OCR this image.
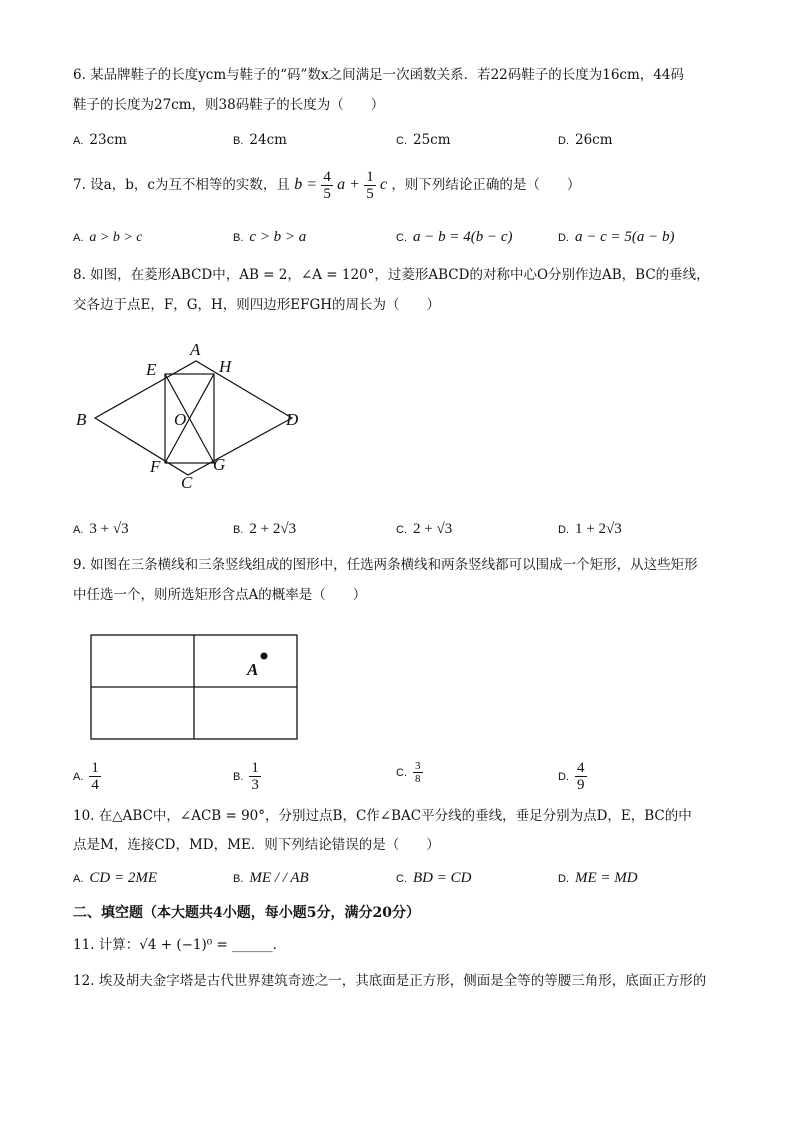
6. 某品牌鞋子的长度ycm与鞋子的“码”数x之间满足一次函数关系．若22码鞋子的长度为16cm，44码
鞋子的长度为27cm，则38码鞋子的长度为（　　）
A. 23cm	B. 24cm	C. 25cm	D. 26cm
7. 设a，b，c为互不相等的实数，且 $b = \frac{4}{5}$ $a + \frac{1}{5}$ c ，则下列结论正确的是（　　）
A. a > b > c	B. c > b > a	C. a − b = 4(b − c)	D. a − c = 5(a − b)
8. 如图，在菱形ABCD中，AB = 2，∠A = 120°，过菱形ABCD的对称中心O分别作边AB，BC的垂线，
交各边于点E，F，G，H，则四边形EFGH的周长为（　　）
A
B
C
D
E
F	G
H
O
A. 3 + √3	B. 2 + 2√3	C. 2 + √3	D. 1 + 2√3
9. 如图在三条横线和三条竖线组成的图形中，任选两条横线和两条竖线都可以围成一个矩形，从这些矩形
中任选一个，则所选矩形含点A的概率是（　　）
A
A. $\frac{1}{4}$	B. $\frac{1}{3}$	C. $\frac{3}{8}$	D. $\frac{4}{9}$
10. 在△ABC中，∠ACB = 90°，分别过点B，C作∠BAC平分线的垂线，垂足分别为点D，E，BC的中
点是M，连接CD，MD，ME．则下列结论错误的是（　　）
A. CD = 2ME	B. ME / / AB	C. BD = CD	D. ME = MD
二、填空题（本大题共4小题，每小题5分，满分20分）
11. 计算：√4 + (−1)⁰ = ______．
12. 埃及胡夫金字塔是古代世界建筑奇迹之一，其底面是正方形，侧面是全等的等腰三角形，底面正方形的
